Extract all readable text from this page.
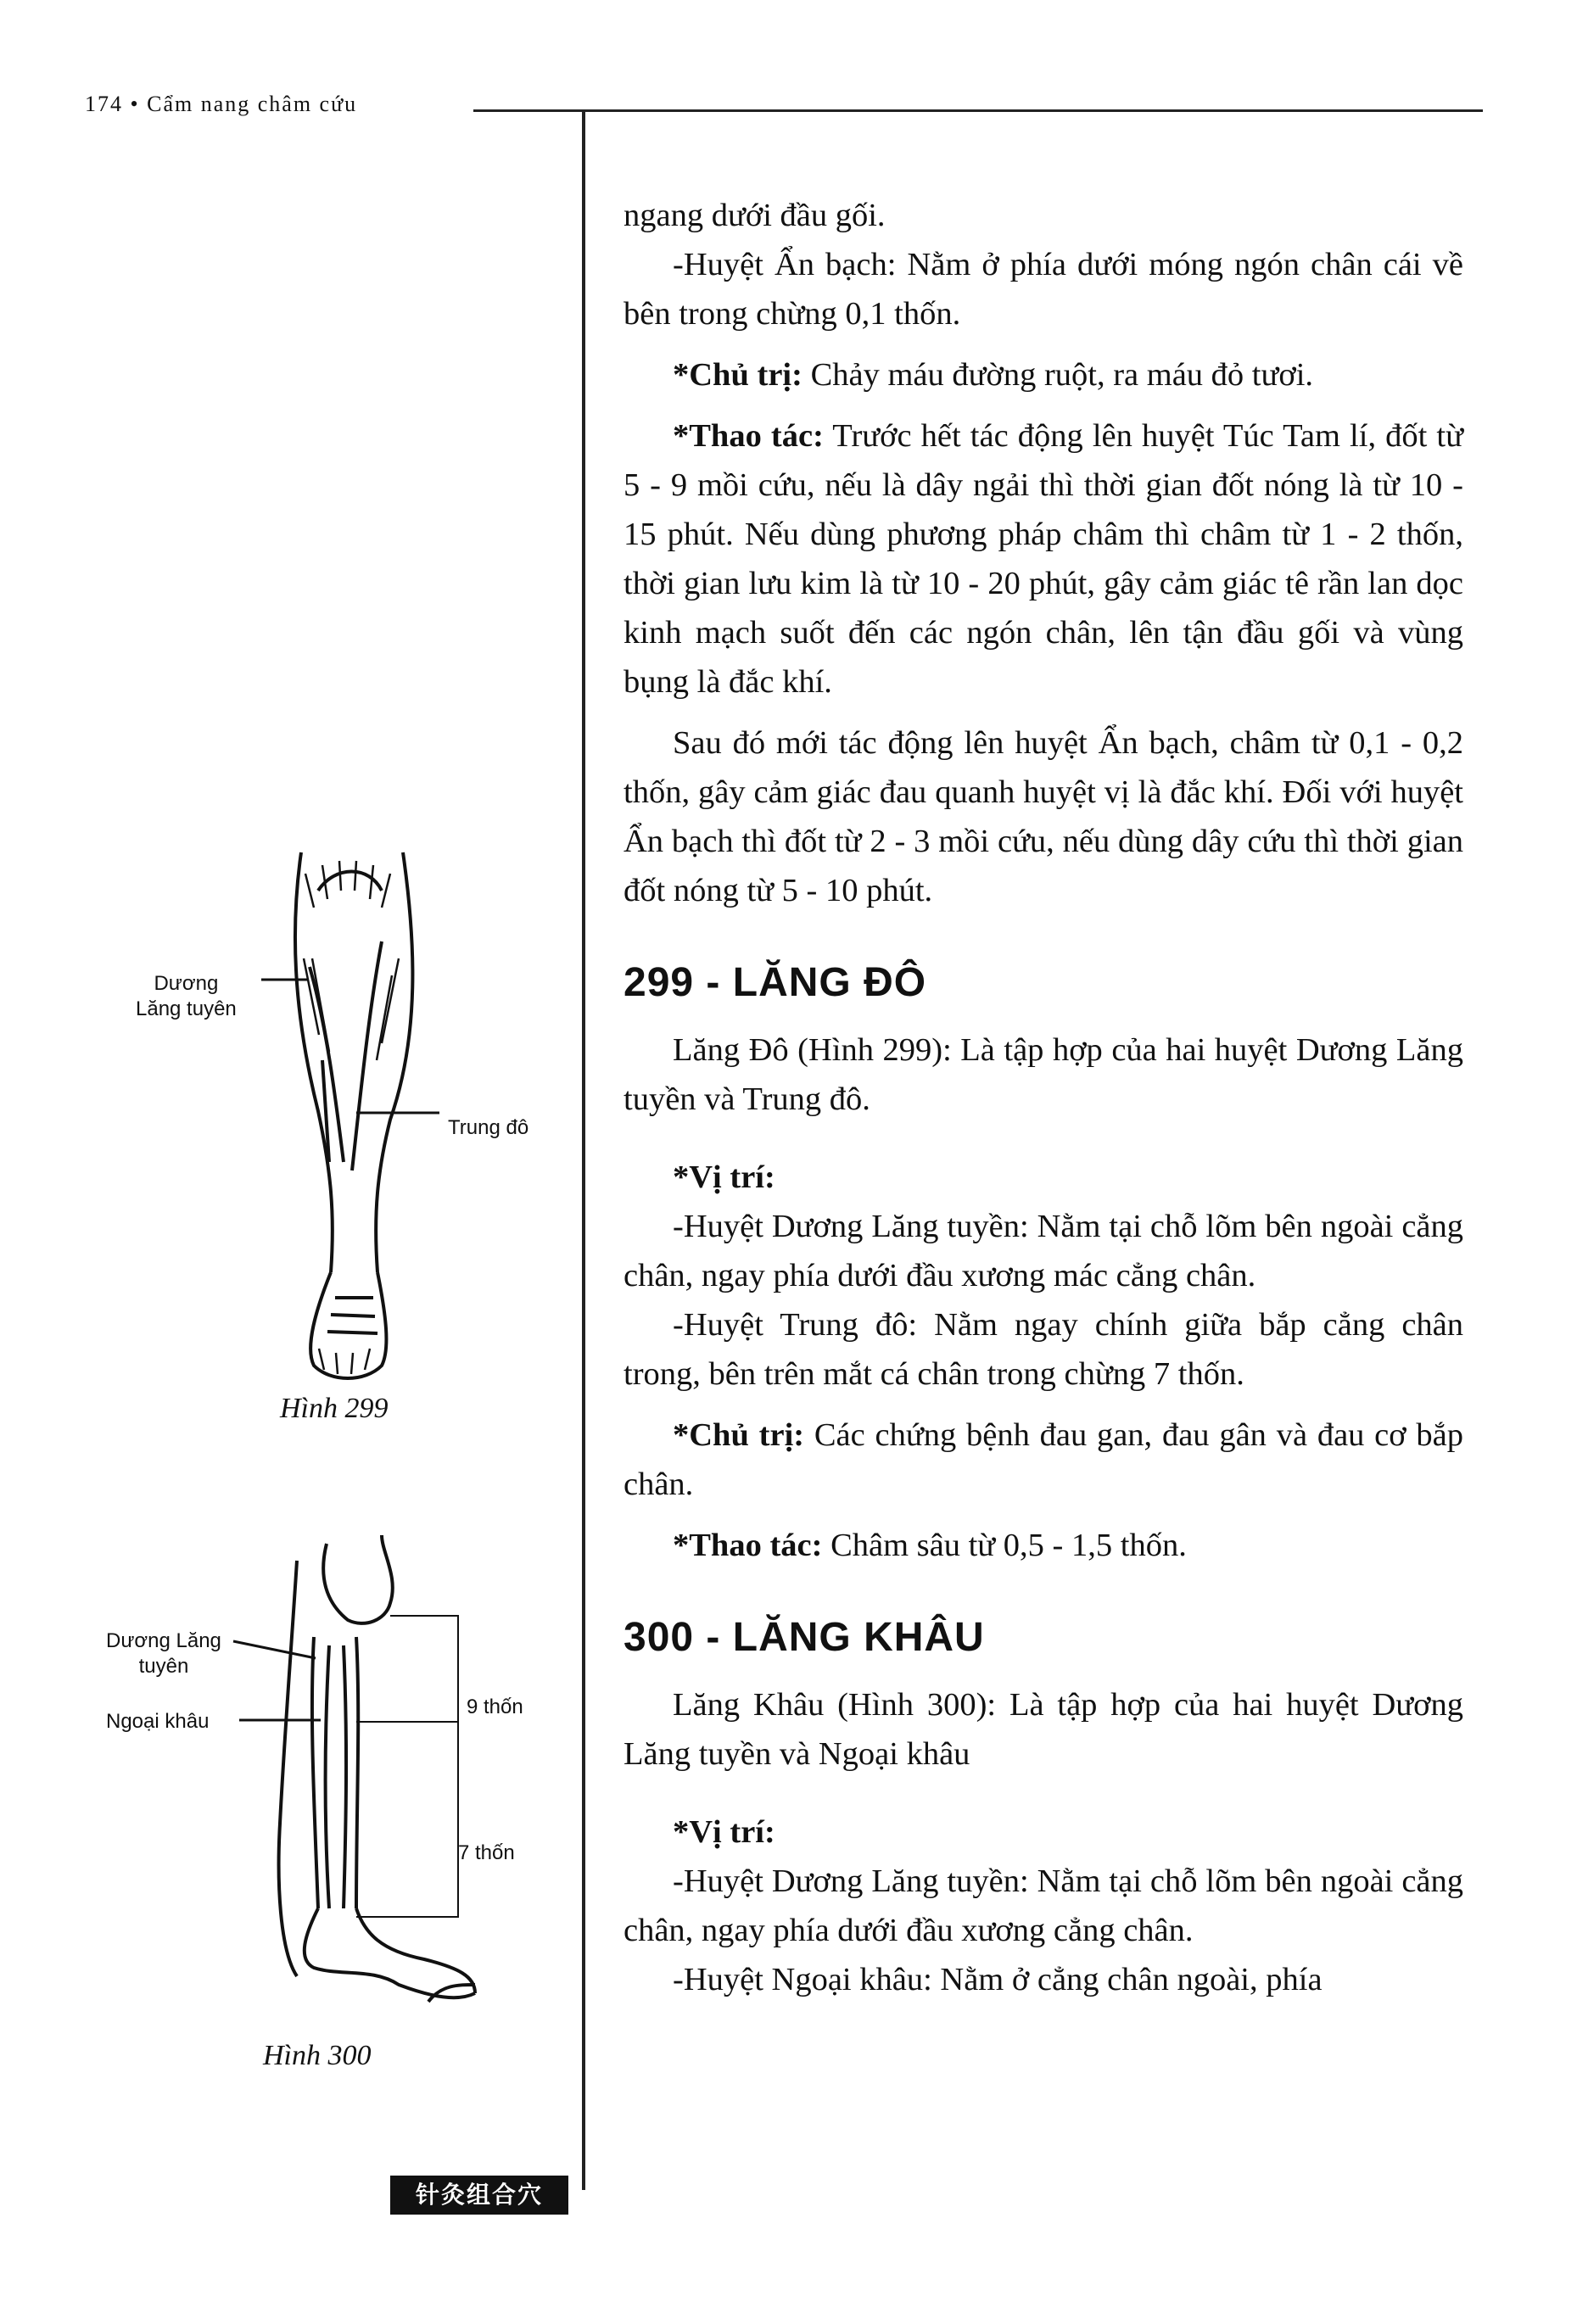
174 • Cẩm nang châm cứu
Dương
Lăng tuyên
Trung đô
Hình 299
Dương Lăng
tuyên
Ngoại khâu
9 thốn
7 thốn
Hình 300

ngang dưới đầu gối.

-Huyệt Ẩn bạch: Nằm ở phía dưới móng ngón chân cái về bên trong chừng 0,1 thốn.

*Chủ trị: Chảy máu đường ruột, ra máu đỏ tươi.

*Thao tác: Trước hết tác động lên huyệt Túc Tam lí, đốt từ 5 - 9 mồi cứu, nếu là dây ngải thì thời gian đốt nóng là từ 10 - 15 phút. Nếu dùng phương pháp châm thì châm từ 1 - 2 thốn, thời gian lưu kim là từ 10 - 20 phút, gây cảm giác tê rần lan dọc kinh mạch suốt đến các ngón chân, lên tận đầu gối và vùng bụng là đắc khí.

Sau đó mới tác động lên huyệt Ẩn bạch, châm từ 0,1 - 0,2 thốn, gây cảm giác đau quanh huyệt vị là đắc khí. Đối với huyệt Ẩn bạch thì đốt từ 2 - 3 mồi cứu, nếu dùng dây cứu thì thời gian đốt nóng từ 5 - 10 phút.

299 - LĂNG ĐÔ

Lăng Đô (Hình 299): Là tập hợp của hai huyệt Dương Lăng tuyền và Trung đô.

*Vị trí:

-Huyệt Dương Lăng tuyền: Nằm tại chỗ lõm bên ngoài cẳng chân, ngay phía dưới đầu xương mác cẳng chân.

-Huyệt Trung đô: Nằm ngay chính giữa bắp cẳng chân trong, bên trên mắt cá chân trong chừng 7 thốn.

*Chủ trị: Các chứng bệnh đau gan, đau gân và đau cơ bắp chân.

*Thao tác: Châm sâu từ 0,5 - 1,5 thốn.

300 - LĂNG KHÂU

Lăng Khâu (Hình 300): Là tập hợp của hai huyệt Dương Lăng tuyền và Ngoại khâu

*Vị trí:

-Huyệt Dương Lăng tuyền: Nằm tại chỗ lõm bên ngoài cẳng chân, ngay phía dưới đầu xương cẳng chân.

-Huyệt Ngoại khâu: Nằm ở cẳng chân ngoài, phía

针灸组合穴
